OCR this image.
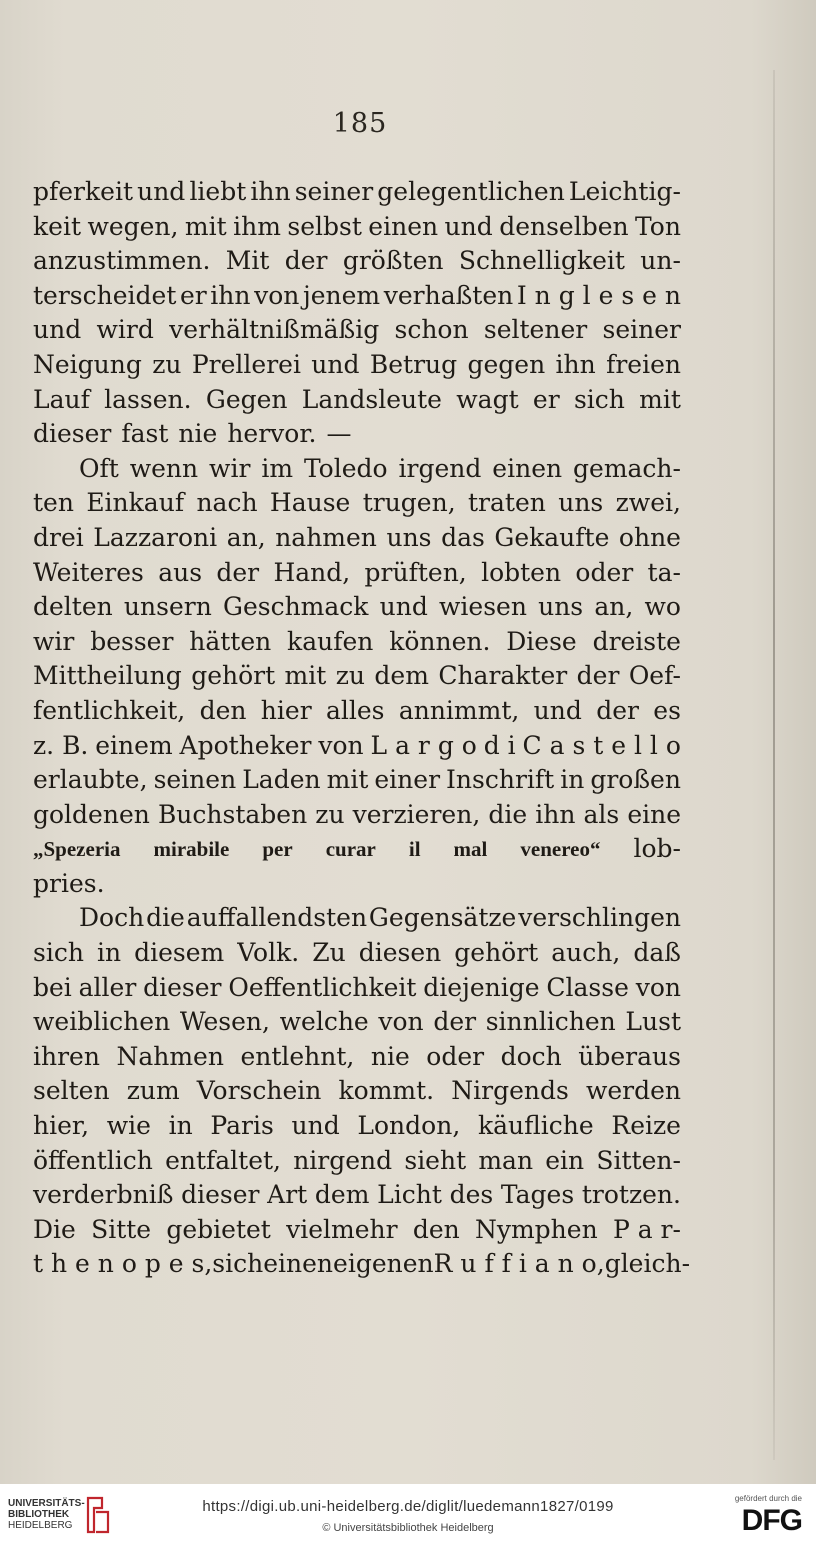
185
pferkeit und liebt ihn seiner gelegentlichen Leichtig-
keit wegen, mit ihm selbst einen und denselben Ton
anzustimmen. Mit der größten Schnelligkeit un-
terscheidet er ihn von jenem verhaßten I n g l e s e n
und wird verhältnißmäßig schon seltener seiner
Neigung zu Prellerei und Betrug gegen ihn freien
Lauf lassen. Gegen Landsleute wagt er sich mit
dieser fast nie hervor. —
Oft wenn wir im Toledo irgend einen gemach-
ten Einkauf nach Hause trugen, traten uns zwei,
drei Lazzaroni an, nahmen uns das Gekaufte ohne
Weiteres aus der Hand, prüften, lobten oder ta-
delten unsern Geschmack und wiesen uns an, wo
wir besser hätten kaufen können. Diese dreiste
Mittheilung gehört mit zu dem Charakter der Oef-
fentlichkeit, den hier alles annimmt, und der es
z. B. einem Apotheker von L a r g o d i C a s t e l l o
erlaubte, seinen Laden mit einer Inschrift in großen
goldenen Buchstaben zu verzieren, die ihn als eine
„Spezeria mirabile per curar il mal venereo“ lob-
pries.
Doch die auffallendsten Gegensätze verschlingen
sich in diesem Volk. Zu diesen gehört auch, daß
bei aller dieser Oeffentlichkeit diejenige Classe von
weiblichen Wesen, welche von der sinnlichen Lust
ihren Nahmen entlehnt, nie oder doch überaus
selten zum Vorschein kommt. Nirgends werden
hier, wie in Paris und London, käufliche Reize
öffentlich entfaltet, nirgend sieht man ein Sitten-
verderbniß dieser Art dem Licht des Tages trotzen.
Die Sitte gebietet vielmehr den Nymphen P a r-
t h e n o p e s, sich einen eigenen R u f f i a n o, gleich-
UNIVERSITÄTS-
BIBLIOTHEK
HEIDELBERG
https://digi.ub.uni-heidelberg.de/diglit/luedemann1827/0199
© Universitätsbibliothek Heidelberg
gefördert durch die
DFG
